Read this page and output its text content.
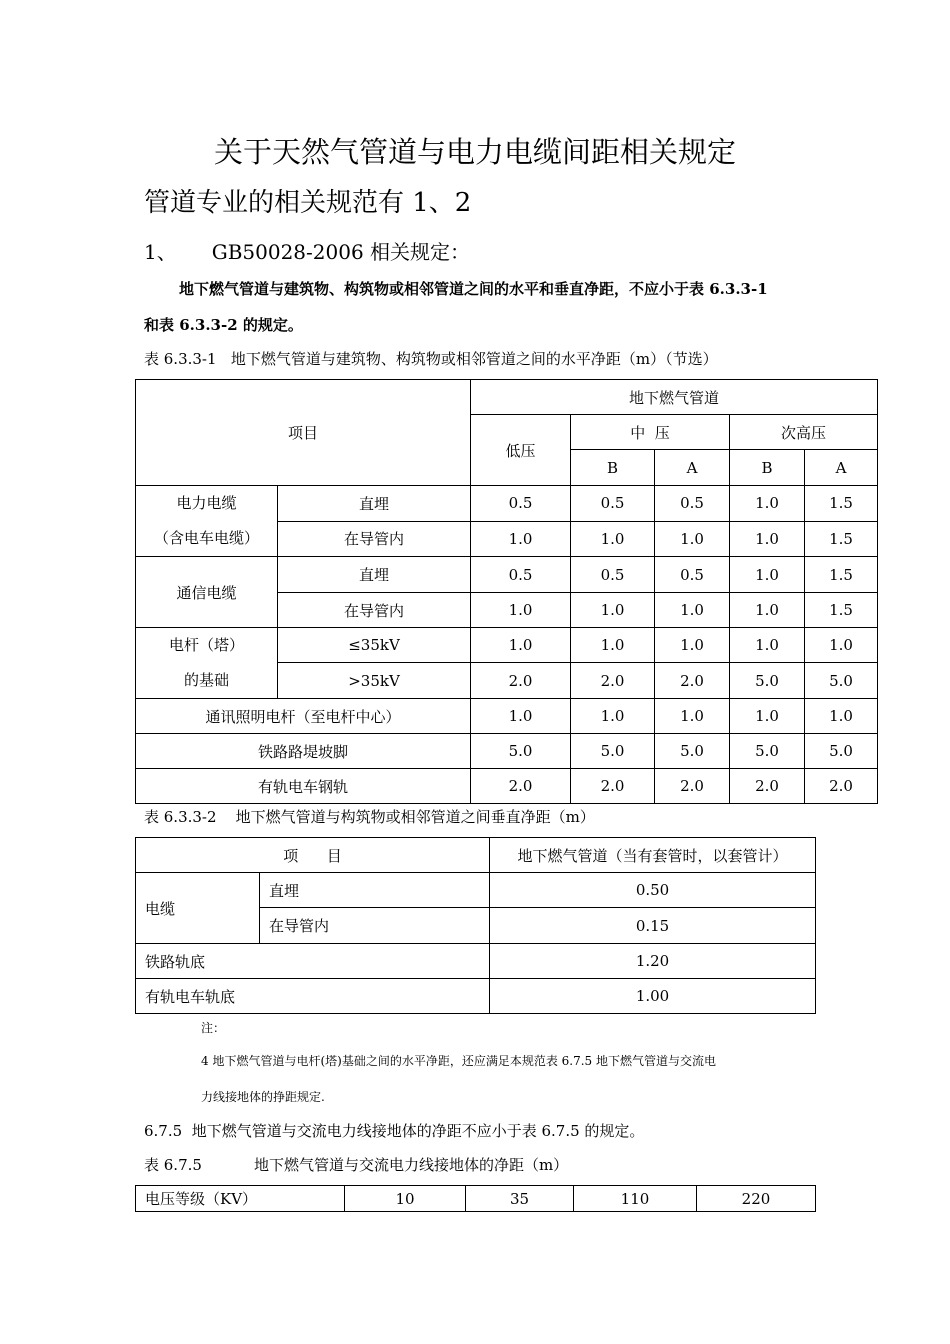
关于天然气管道与电力电缆间距相关规定
管道专业的相关规范有 1、2
1、 GB50028-2006 相关规定：
地下燃气管道与建筑物、构筑物或相邻管道之间的水平和垂直净距，不应小于表 6.3.3-1
和表 6.3.3-2 的规定。
表 6.3.3-1   地下燃气管道与建筑物、构筑物或相邻管道之间的水平净距（m）（节选）
项目		地下燃气管道				
		低压	中  压		次高压	
			B	A	B	A

电力电缆
（含电车电缆）	直埋	0.5	0.5	0.5	1.0	1.5
	在导管内	1.0	1.0	1.0	1.0	1.5
通信电缆	直埋	0.5	0.5	0.5	1.0	1.5
	在导管内	1.0	1.0	1.0	1.0	1.5

电杆（塔）
的基础	≤35kV	1.0	1.0	1.0	1.0	1.0
	>35kV	2.0	2.0	2.0	5.0	5.0
通讯照明电杆（至电杆中心）		1.0	1.0	1.0	1.0	1.0
铁路路堤坡脚		5.0	5.0	5.0	5.0	5.0
有轨电车钢轨		2.0	2.0	2.0	2.0	2.0
表 6.3.3-2    地下燃气管道与构筑物或相邻管道之间垂直净距（m）
项      目		地下燃气管道（当有套管时，以套管计）
电缆	直埋	0.50
	在导管内	0.15
铁路轨底		1.20
有轨电车轨底		1.00
注：
4 地下燃气管道与电杆(塔)基础之间的水平净距，还应满足本规范表 6.7.5 地下燃气管道与交流电
力线接地体的挣距规定.
6.7.5  地下燃气管道与交流电力线接地体的净距不应小于表 6.7.5 的规定。
表 6.7.5	地下燃气管道与交流电力线接地体的净距（m）
电压等级（KV）	10	35	110	220
